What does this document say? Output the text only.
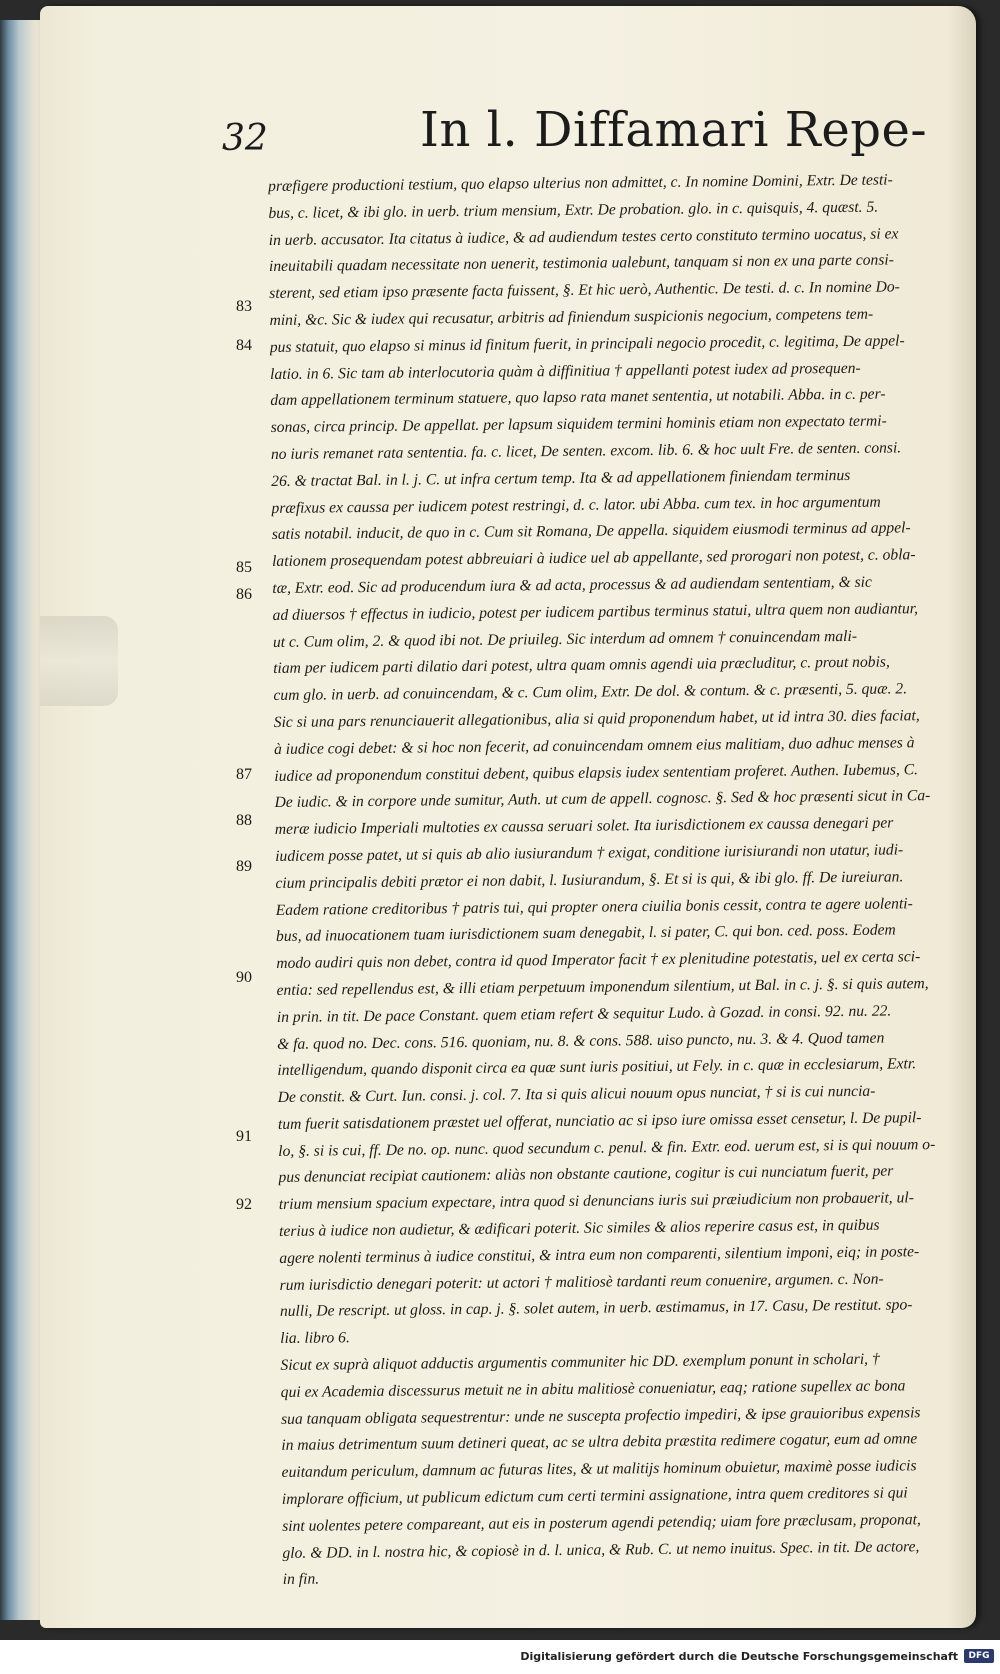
32	In l. Diffamari Repe-
83
84
85
86
87
88
89
90
91
92
præfigere productioni testium, quo elapso ulterius non admittet, c. In nomine Domini, Extr. De testi-
bus, c. licet, & ibi glo. in uerb. trium mensium, Extr. De probation. glo. in c. quisquis, 4. quæst. 5.
in uerb. accusator. Ita citatus à iudice, & ad audiendum testes certo constituto termino uocatus, si ex
ineuitabili quadam necessitate non uenerit, testimonia ualebunt, tanquam si non ex una parte consi-
sterent, sed etiam ipso præsente facta fuissent, §. Et hic uerò, Authentic. De testi. d. c. In nomine Do-
mini, &c. Sic & iudex qui recusatur, arbitris ad finiendum suspicionis negocium, competens tem-
pus statuit, quo elapso si minus id finitum fuerit, in principali negocio procedit, c. legitima, De appel-
latio. in 6. Sic tam ab interlocutoria quàm à diffinitiua † appellanti potest iudex ad prosequen-
dam appellationem terminum statuere, quo lapso rata manet sententia, ut notabili. Abba. in c. per-
sonas, circa princip. De appellat. per lapsum siquidem termini hominis etiam non expectato termi-
no iuris remanet rata sententia. fa. c. licet, De senten. excom. lib. 6. & hoc uult Fre. de senten. consi.
26. & tractat Bal. in l. j. C. ut infra certum temp. Ita & ad appellationem finiendam terminus
præfixus ex caussa per iudicem potest restringi, d. c. lator. ubi Abba. cum tex. in hoc argumentum
satis notabil. inducit, de quo in c. Cum sit Romana, De appella. siquidem eiusmodi terminus ad appel-
lationem prosequendam potest abbreuiari à iudice uel ab appellante, sed prorogari non potest, c. obla-
tæ, Extr. eod. Sic ad producendum iura & ad acta, processus & ad audiendam sententiam, & sic
ad diuersos † effectus in iudicio, potest per iudicem partibus terminus statui, ultra quem non audiantur,
ut c. Cum olim, 2. & quod ibi not. De priuileg. Sic interdum ad omnem † conuincendam mali-
tiam per iudicem parti dilatio dari potest, ultra quam omnis agendi uia præcluditur, c. prout nobis,
cum glo. in uerb. ad conuincendam, & c. Cum olim, Extr. De dol. & contum. & c. præsenti, 5. quæ. 2.
Sic si una pars renunciauerit allegationibus, alia si quid proponendum habet, ut id intra 30. dies faciat,
à iudice cogi debet: & si hoc non fecerit, ad conuincendam omnem eius malitiam, duo adhuc menses à
iudice ad proponendum constitui debent, quibus elapsis iudex sententiam proferet. Authen. Iubemus, C.
De iudic. & in corpore unde sumitur, Auth. ut cum de appell. cognosc. §. Sed & hoc præsenti sicut in Ca-
meræ iudicio Imperiali multoties ex caussa seruari solet. Ita iurisdictionem ex caussa denegari per
iudicem posse patet, ut si quis ab alio iusiurandum † exigat, conditione iurisiurandi non utatur, iudi-
cium principalis debiti prætor ei non dabit, l. Iusiurandum, §. Et si is qui, & ibi glo. ff. De iureiuran.
Eadem ratione creditoribus † patris tui, qui propter onera ciuilia bonis cessit, contra te agere uolenti-
bus, ad inuocationem tuam iurisdictionem suam denegabit, l. si pater, C. qui bon. ced. poss. Eodem
modo audiri quis non debet, contra id quod Imperator facit † ex plenitudine potestatis, uel ex certa sci-
entia: sed repellendus est, & illi etiam perpetuum imponendum silentium, ut Bal. in c. j. §. si quis autem,
in prin. in tit. De pace Constant. quem etiam refert & sequitur Ludo. à Gozad. in consi. 92. nu. 22.
& fa. quod no. Dec. cons. 516. quoniam, nu. 8. & cons. 588. uiso puncto, nu. 3. & 4. Quod tamen
intelligendum, quando disponit circa ea quæ sunt iuris positiui, ut Fely. in c. quæ in ecclesiarum, Extr.
De constit. & Curt. Iun. consi. j. col. 7. Ita si quis alicui nouum opus nunciat, † si is cui nuncia-
tum fuerit satisdationem præstet uel offerat, nunciatio ac si ipso iure omissa esset censetur, l. De pupil-
lo, §. si is cui, ff. De no. op. nunc. quod secundum c. penul. & fin. Extr. eod. uerum est, si is qui nouum o-
pus denunciat recipiat cautionem: aliàs non obstante cautione, cogitur is cui nunciatum fuerit, per
trium mensium spacium expectare, intra quod si denuncians iuris sui præiudicium non probauerit, ul-
terius à iudice non audietur, & ædificari poterit. Sic similes & alios reperire casus est, in quibus
agere nolenti terminus à iudice constitui, & intra eum non comparenti, silentium imponi, eiq; in poste-
rum iurisdictio denegari poterit: ut actori † malitiosè tardanti reum conuenire, argumen. c. Non-
nulli, De rescript. ut gloss. in cap. j. §. solet autem, in uerb. æstimamus, in 17. Casu, De restitut. spo-
lia. libro 6.
Sicut ex suprà aliquot adductis argumentis communiter hic DD. exemplum ponunt in scholari, †
qui ex Academia discessurus metuit ne in abitu malitiosè conueniatur, eaq; ratione supellex ac bona
sua tanquam obligata sequestrentur: unde ne suscepta profectio impediri, & ipse grauioribus expensis
in maius detrimentum suum detineri queat, ac se ultra debita præstita redimere cogatur, eum ad omne
euitandum periculum, damnum ac futuras lites, & ut malitijs hominum obuietur, maximè posse iudicis
implorare officium, ut publicum edictum cum certi termini assignatione, intra quem creditores si qui
sint uolentes petere compareant, aut eis in posterum agendi petendiq; uiam fore præclusam, proponat,
glo. & DD. in l. nostra hic, & copiosè in d. l. unica, & Rub. C. ut nemo inuitus. Spec. in tit. De actore,
in fin.
Digitalisierung gefördert durch die Deutsche Forschungsgemeinschaft	DFG
